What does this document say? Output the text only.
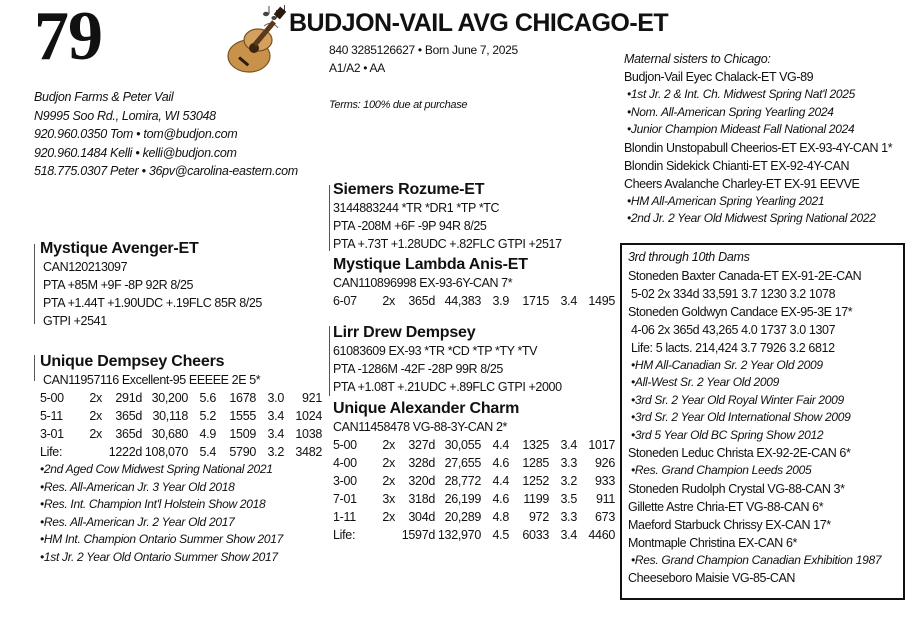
79	BUDJON-VAIL AVG CHICAGO-ET
840 3285126627 • Born June 7, 2025
A1/A2 • AA
Terms: 100% due at purchase
Budjon Farms & Peter Vail
N9995 Soo Rd., Lomira, WI 53048
920.960.0350 Tom • tom@budjon.com
920.960.1484 Kelli • kelli@budjon.com
518.775.0307 Peter • 36pv@carolina-eastern.com
Mystique Avenger-ET
CAN120213097
PTA +85M +9F -8P 92R 8/25
PTA +1.44T +1.90UDC +.19FLC 85R 8/25
GTPI +2541
Siemers Rozume-ET
3144883244 *TR *DR1 *TP *TC
PTA -208M +6F -9P 94R 8/25
PTA +.73T +1.28UDC +.82FLC GTPI +2517
Mystique Lambda Anis-ET
CAN110896998 EX-93-6Y-CAN 7*
6-07 2x 365d 44,383 3.9 1715 3.4 1495
Unique Dempsey Cheers
CAN11957116 Excellent-95 EEEEE 2E 5*
5-00 2x 291d 30,200 5.6 1678 3.0 921
5-11 2x 365d 30,118 5.2 1555 3.4 1024
3-01 2x 365d 30,680 4.9 1509 3.4 1038
Life:	1222d 108,070 5.4 5790 3.2 3482
•2nd Aged Cow Midwest Spring National 2021
•Res. All-American Jr. 3 Year Old 2018
•Res. Int. Champion Int'l Holstein Show 2018
•Res. All-American Jr. 2 Year Old 2017
•HM Int. Champion Ontario Summer Show 2017
•1st Jr. 2 Year Old Ontario Summer Show 2017
Lirr Drew Dempsey
61083609 EX-93 *TR *CD *TP *TY *TV
PTA -1286M -42F -28P 99R 8/25
PTA +1.08T +.21UDC +.89FLC GTPI +2000
Unique Alexander Charm
CAN11458478 VG-88-3Y-CAN 2*
5-00 2x 327d 30,055 4.4 1325 3.4 1017
4-00 2x 328d 27,655 4.6 1285 3.3 926
3-00 2x 320d 28,772 4.4 1252 3.2 933
7-01 3x 318d 26,199 4.6 1199 3.5 911
1-11 2x 304d 20,289 4.8 972 3.3 673
Life:	1597d 132,970 4.5 6033 3.4 4460
Maternal sisters to Chicago:
Budjon-Vail Eyec Chalack-ET VG-89
•1st Jr. 2 & Int. Ch. Midwest Spring Nat'l 2025
•Nom. All-American Spring Yearling 2024
•Junior Champion Mideast Fall National 2024
Blondin Unstopabull Cheerios-ET EX-93-4Y-CAN 1*
Blondin Sidekick Chianti-ET EX-92-4Y-CAN
Cheers Avalanche Charley-ET EX-91 EEVVE
•HM All-American Spring Yearling 2021
•2nd Jr. 2 Year Old Midwest Spring National 2022
3rd through 10th Dams
Stoneden Baxter Canada-ET EX-91-2E-CAN
5-02 2x 334d 33,591 3.7 1230 3.2 1078
Stoneden Goldwyn Candace EX-95-3E 17*
4-06 2x 365d 43,265 4.0 1737 3.0 1307
Life: 5 lacts. 214,424 3.7 7926 3.2 6812
•HM All-Canadian Sr. 2 Year Old 2009
•All-West Sr. 2 Year Old 2009
•3rd Sr. 2 Year Old Royal Winter Fair 2009
•3rd Sr. 2 Year Old International Show 2009
•3rd 5 Year Old BC Spring Show 2012
Stoneden Leduc Christa EX-92-2E-CAN 6*
•Res. Grand Champion Leeds 2005
Stoneden Rudolph Crystal VG-88-CAN 3*
Gillette Astre Chria-ET VG-88-CAN 6*
Maeford Starbuck Chrissy EX-CAN 17*
Montmaple Christina EX-CAN 6*
•Res. Grand Champion Canadian Exhibition 1987
Cheeseboro Maisie VG-85-CAN
